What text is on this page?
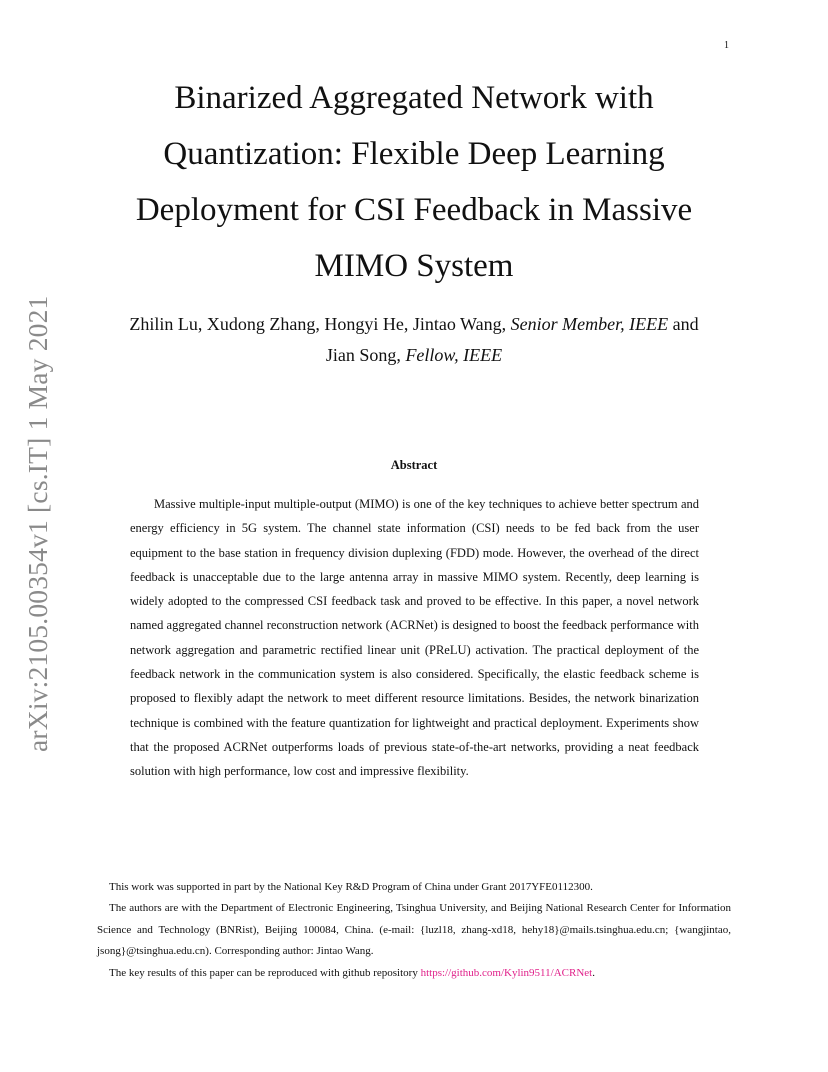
1
arXiv:2105.00354v1 [cs.IT] 1 May 2021
Binarized Aggregated Network with
Quantization: Flexible Deep Learning
Deployment for CSI Feedback in Massive
MIMO System
Zhilin Lu, Xudong Zhang, Hongyi He, Jintao Wang, Senior Member, IEEE and
Jian Song, Fellow, IEEE
Abstract

Massive multiple-input multiple-output (MIMO) is one of the key techniques to achieve better spectrum and energy efficiency in 5G system. The channel state information (CSI) needs to be fed back from the user equipment to the base station in frequency division duplexing (FDD) mode. However, the overhead of the direct feedback is unacceptable due to the large antenna array in massive MIMO system. Recently, deep learning is widely adopted to the compressed CSI feedback task and proved to be effective. In this paper, a novel network named aggregated channel reconstruction network (ACRNet) is designed to boost the feedback performance with network aggregation and parametric rectified linear unit (PReLU) activation. The practical deployment of the feedback network in the communication system is also considered. Specifically, the elastic feedback scheme is proposed to flexibly adapt the network to meet different resource limitations. Besides, the network binarization technique is combined with the feature quantization for lightweight and practical deployment. Experiments show that the proposed ACRNet outperforms loads of previous state-of-the-art networks, providing a neat feedback solution with high performance, low cost and impressive flexibility.

This work was supported in part by the National Key R&D Program of China under Grant 2017YFE0112300.

The authors are with the Department of Electronic Engineering, Tsinghua University, and Beijing National Research Center for Information Science and Technology (BNRist), Beijing 100084, China. (e-mail: {luzl18, zhang-xd18, hehy18}@mails.tsinghua.edu.cn; {wangjintao, jsong}@tsinghua.edu.cn). Corresponding author: Jintao Wang.

The key results of this paper can be reproduced with github repository https://github.com/Kylin9511/ACRNet.
